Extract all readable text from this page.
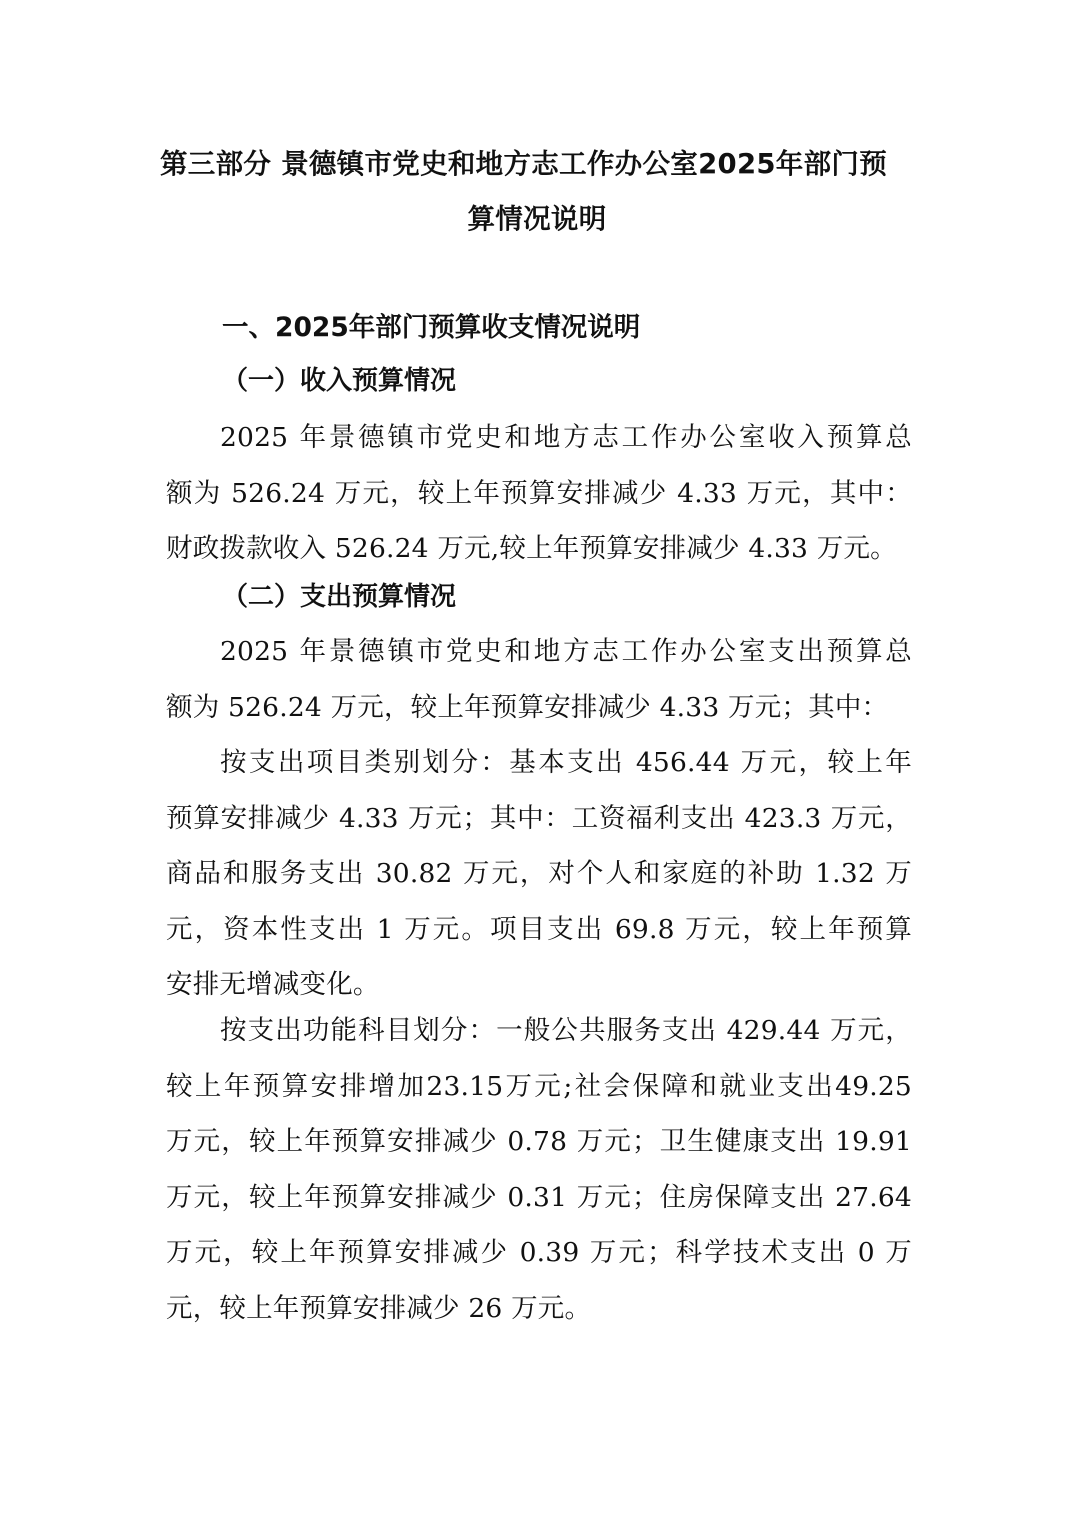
第三部分 景德镇市党史和地方志工作办公室2025年部门预
算情况说明
一、2025年部门预算收支情况说明
（一）收入预算情况
2025 年景德镇市党史和地方志工作办公室收入预算总
额为 526.24 万元，较上年预算安排减少 4.33 万元，其中：
财政拨款收入 526.24 万元,较上年预算安排减少 4.33 万元。
（二）支出预算情况
2025 年景德镇市党史和地方志工作办公室支出预算总
额为 526.24 万元，较上年预算安排减少 4.33 万元；其中：
按支出项目类别划分：基本支出 456.44 万元，较上年
预算安排减少 4.33 万元；其中：工资福利支出 423.3 万元，
商品和服务支出 30.82 万元，对个人和家庭的补助 1.32 万
元，资本性支出 1 万元。项目支出 69.8 万元，较上年预算
安排无增减变化。
按支出功能科目划分：一般公共服务支出 429.44 万元，
较上年预算安排增加23.15万元;社会保障和就业支出49.25
万元，较上年预算安排减少 0.78 万元；卫生健康支出 19.91
万元，较上年预算安排减少 0.31 万元；住房保障支出 27.64
万元，较上年预算安排减少 0.39 万元；科学技术支出 0 万
元，较上年预算安排减少 26 万元。
